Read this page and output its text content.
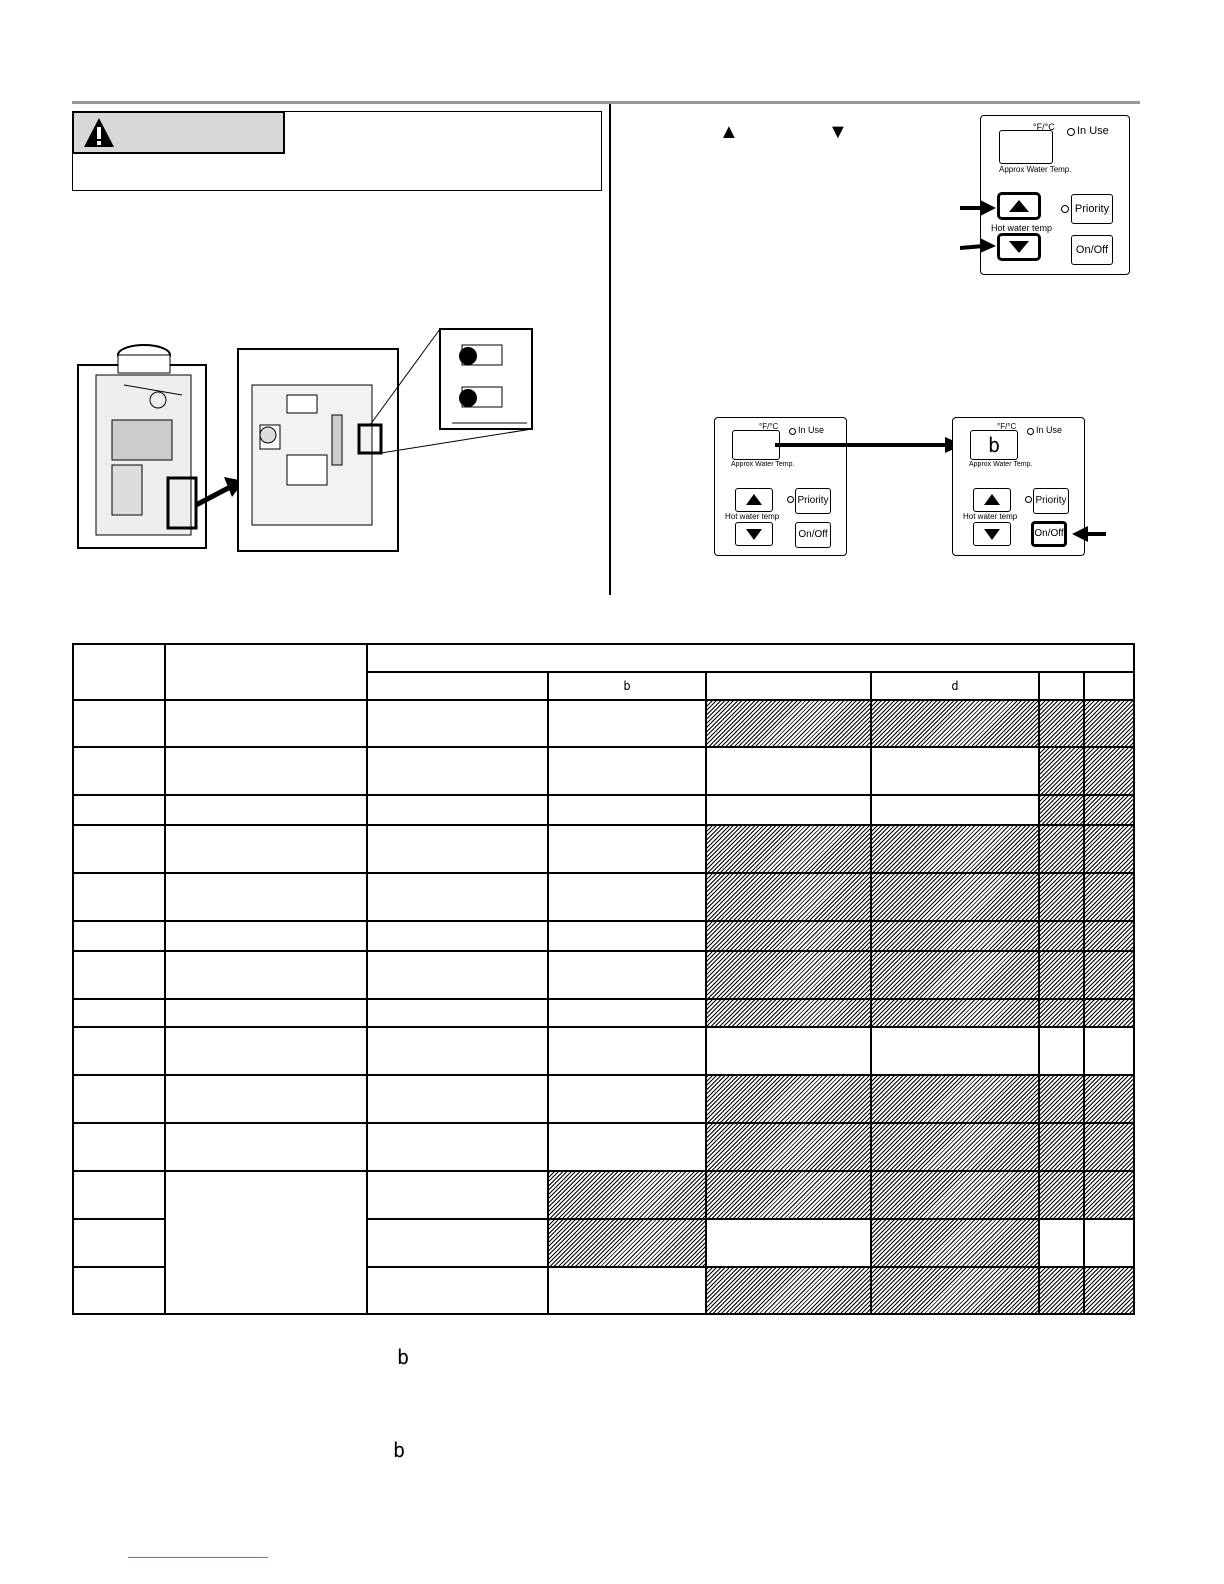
▲	▼	°F/°C In Use
Approx Water Temp.
Priority
Hot water temp
On/Off
°F/°C In Use
Approx Water Temp.
Priority
Hot water temp
On/Off
°F/°C In Use
b
Approx Water Temp.
Priority
Hot water temp
On/Off

			b		d		

b
b
